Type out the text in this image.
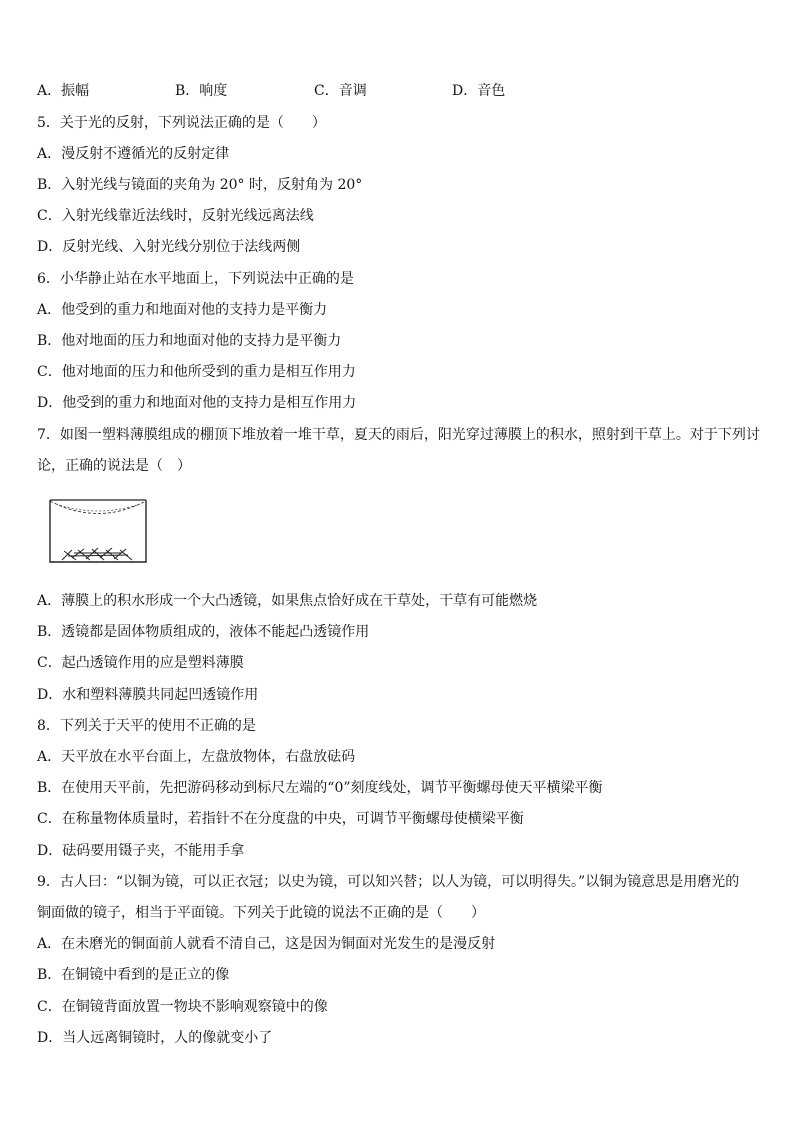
A．振幅	B．响度	C．音调	D．音色
5．关于光的反射，下列说法正确的是（　　）
A．漫反射不遵循光的反射定律
B．入射光线与镜面的夹角为 20° 时，反射角为 20°
C．入射光线靠近法线时，反射光线远离法线
D．反射光线、入射光线分别位于法线两侧
6．小华静止站在水平地面上，下列说法中正确的是
A．他受到的重力和地面对他的支持力是平衡力
B．他对地面的压力和地面对他的支持力是平衡力
C．他对地面的压力和他所受到的重力是相互作用力
D．他受到的重力和地面对他的支持力是相互作用力
7．如图一塑料薄膜组成的棚顶下堆放着一堆干草，夏天的雨后，阳光穿过薄膜上的积水，照射到干草上。对于下列讨
论，正确的说法是（　）
A．薄膜上的积水形成一个大凸透镜，如果焦点恰好成在干草处，干草有可能燃烧
B．透镜都是固体物质组成的，液体不能起凸透镜作用
C．起凸透镜作用的应是塑料薄膜
D．水和塑料薄膜共同起凹透镜作用
8．下列关于天平的使用不正确的是
A．天平放在水平台面上，左盘放物体，右盘放砝码
B．在使用天平前，先把游码移动到标尺左端的“0”刻度线处，调节平衡螺母使天平横梁平衡
C．在称量物体质量时，若指针不在分度盘的中央，可调节平衡螺母使横梁平衡
D．砝码要用镊子夹，不能用手拿
9．古人曰：“以铜为镜，可以正衣冠；以史为镜，可以知兴替；以人为镜，可以明得失。”以铜为镜意思是用磨光的
铜面做的镜子，相当于平面镜。下列关于此镜的说法不正确的是（　　）
A．在未磨光的铜面前人就看不清自己，这是因为铜面对光发生的是漫反射
B．在铜镜中看到的是正立的像
C．在铜镜背面放置一物块不影响观察镜中的像
D．当人远离铜镜时，人的像就变小了
